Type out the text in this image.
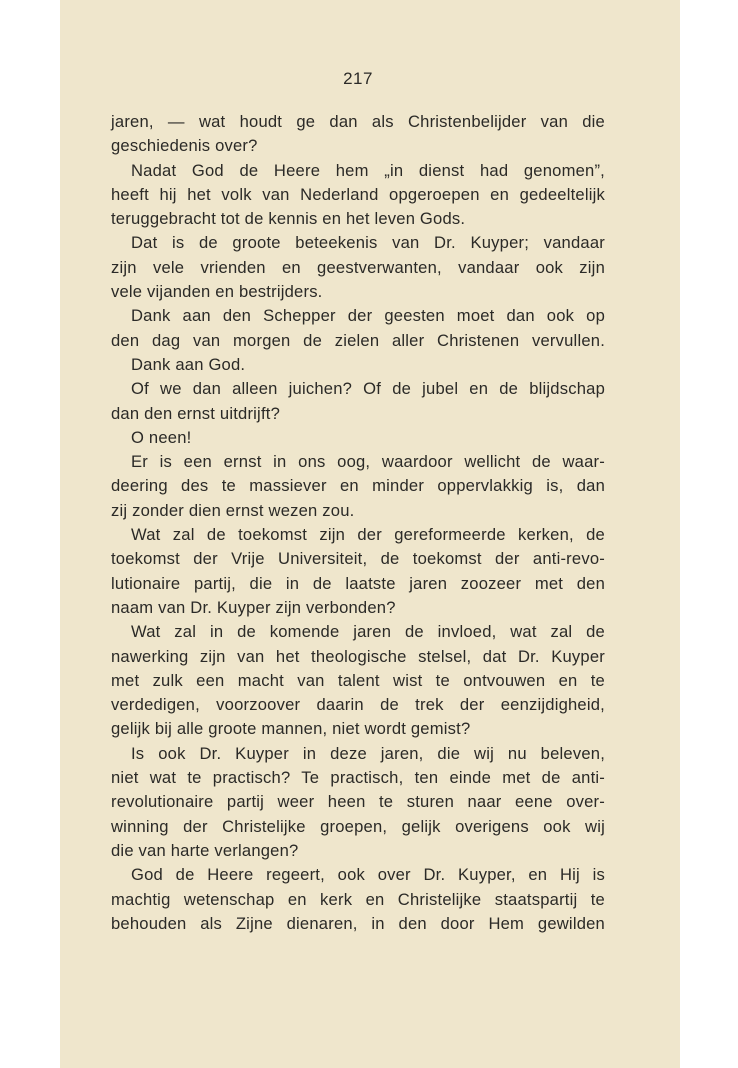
217
jaren, — wat houdt ge dan als Christenbelijder van die
geschiedenis over?
Nadat God de Heere hem „in dienst had genomen”,
heeft hij het volk van Nederland opgeroepen en gedeeltelijk
teruggebracht tot de kennis en het leven Gods.
Dat is de groote beteekenis van Dr. Kuyper; vandaar
zijn vele vrienden en geestverwanten, vandaar ook zijn
vele vijanden en bestrijders.
Dank aan den Schepper der geesten moet dan ook op
den dag van morgen de zielen aller Christenen vervullen.
Dank aan God.
Of we dan alleen juichen? Of de jubel en de blijdschap
dan den ernst uitdrijft?
O neen!
Er is een ernst in ons oog, waardoor wellicht de waar-
deering des te massiever en minder oppervlakkig is, dan
zij zonder dien ernst wezen zou.
Wat zal de toekomst zijn der gereformeerde kerken, de
toekomst der Vrije Universiteit, de toekomst der anti-revo-
lutionaire partij, die in de laatste jaren zoozeer met den
naam van Dr. Kuyper zijn verbonden?
Wat zal in de komende jaren de invloed, wat zal de
nawerking zijn van het theologische stelsel, dat Dr. Kuyper
met zulk een macht van talent wist te ontvouwen en te
verdedigen, voorzoover daarin de trek der eenzijdigheid,
gelijk bij alle groote mannen, niet wordt gemist?
Is ook Dr. Kuyper in deze jaren, die wij nu beleven,
niet wat te practisch? Te practisch, ten einde met de anti-
revolutionaire partij weer heen te sturen naar eene over-
winning der Christelijke groepen, gelijk overigens ook wij
die van harte verlangen?
God de Heere regeert, ook over Dr. Kuyper, en Hij is
machtig wetenschap en kerk en Christelijke staatspartij te
behouden als Zijne dienaren, in den door Hem gewilden
